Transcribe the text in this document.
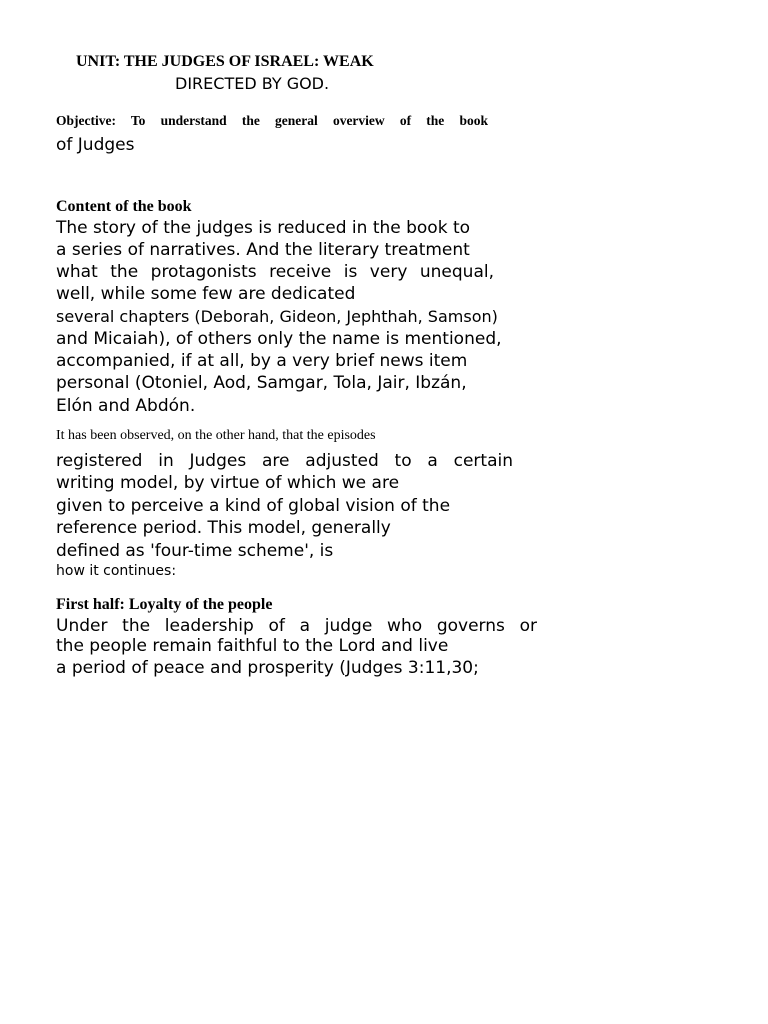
UNIT: THE JUDGES OF ISRAEL: WEAK
DIRECTED BY GOD.
Objective: To understand the general overview of the book
of Judges
Content of the book
The story of the judges is reduced in the book to
a series of narratives. And the literary treatment
what the protagonists receive is very unequal,
well, while some few are dedicated
several chapters (Deborah, Gideon, Jephthah, Samson)
and Micaiah), of others only the name is mentioned,
accompanied, if at all, by a very brief news item
personal (Otoniel, Aod, Samgar, Tola, Jair, Ibzán,
Elón and Abdón.
It has been observed, on the other hand, that the episodes
registered in Judges are adjusted to a certain
writing model, by virtue of which we are
given to perceive a kind of global vision of the
reference period. This model, generally
defined as 'four-time scheme', is
how it continues:
First half: Loyalty of the people
Under the leadership of a judge who governs or
the people remain faithful to the Lord and live
a period of peace and prosperity (Judges 3:11,30;
